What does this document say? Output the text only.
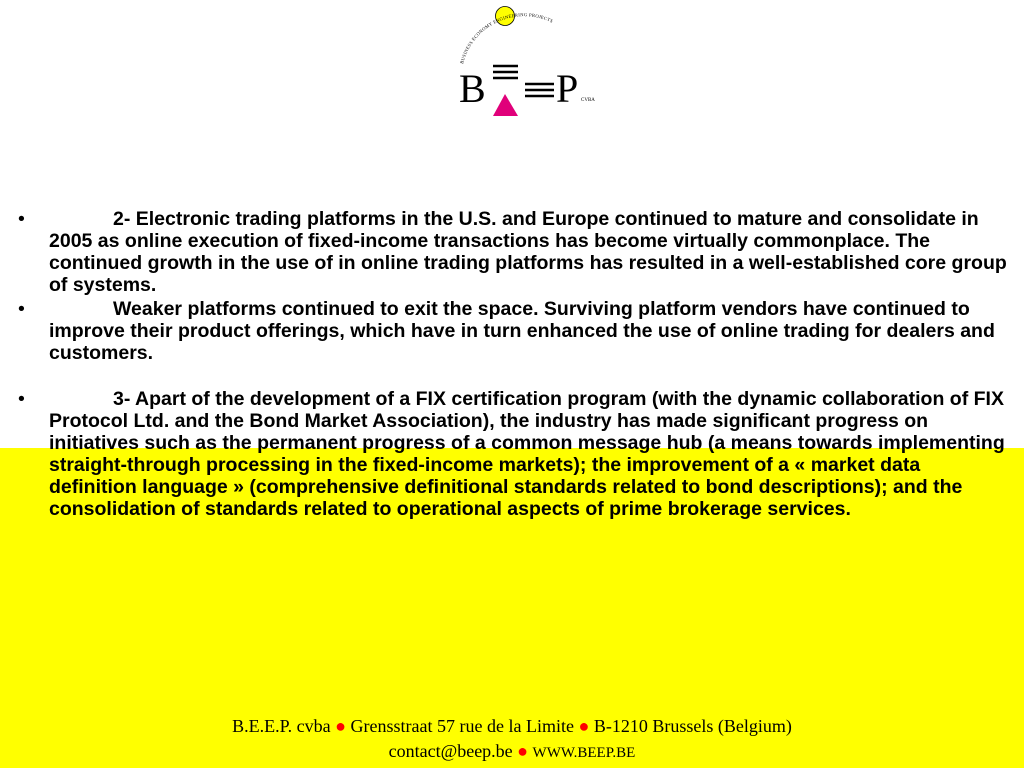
BUSINESS ECONOMY ENGINEERING PROJECTS
B P CVBA
•	2- Electronic trading platforms in the U.S. and Europe continued to mature and consolidate in 2005 as online execution of fixed-income transactions has become virtually commonplace. The continued growth in the use of in online trading platforms has resulted in a well-established core group of systems.
•	Weaker platforms continued to exit the space. Surviving platform vendors have continued to improve their product offerings, which have in turn enhanced the use of online trading for dealers and customers.
•	3- Apart of the development of a FIX certification program (with the dynamic collaboration of FIX Protocol Ltd. and the Bond Market Association), the industry has made significant progress on initiatives such as the permanent progress of a common message hub (a means towards implementing straight-through processing in the fixed-income markets); the improvement of a « market data definition language » (comprehensive definitional standards related to bond descriptions); and the consolidation of standards related to operational aspects of prime brokerage services.
B.E.E.P. cvba ● Grensstraat 57 rue de la Limite ● B-1210 Brussels (Belgium)
contact@beep.be ● WWW.BEEP.BE
